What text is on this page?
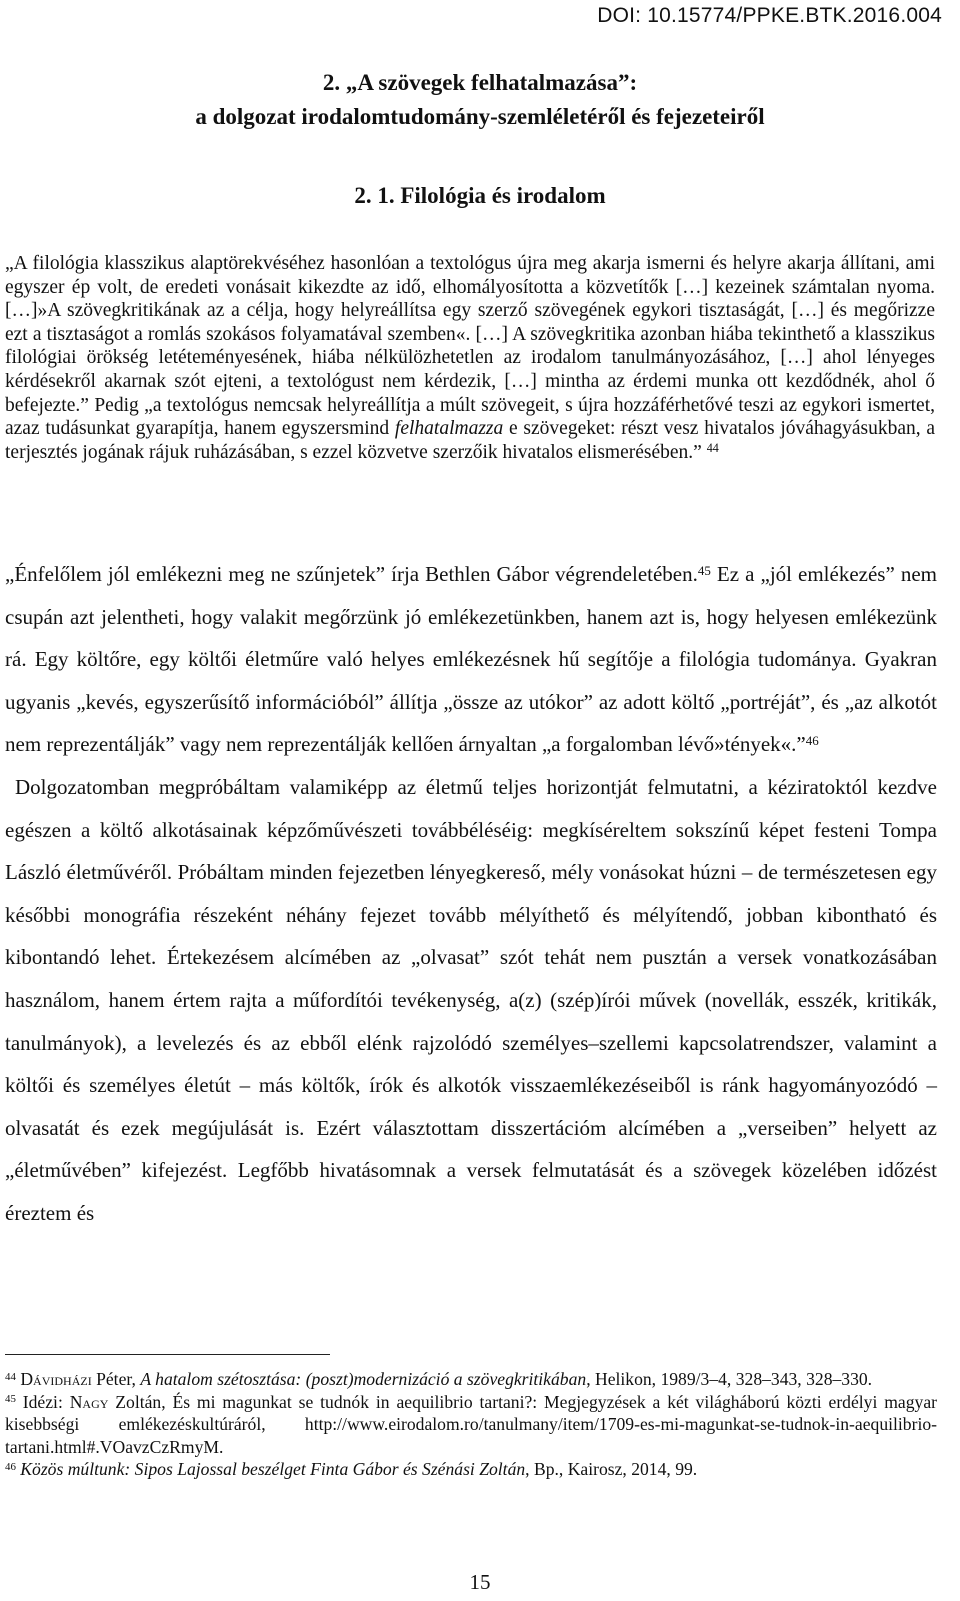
DOI: 10.15774/PPKE.BTK.2016.004
2. „A szövegek felhatalmazása”:
a dolgozat irodalomtudomány-szemléletéről és fejezeteiről
2. 1. Filológia és irodalom
„A filológia klasszikus alaptörekvéséhez hasonlóan a textológus újra meg akarja ismerni és helyre akarja állítani, ami egyszer ép volt, de eredeti vonásait kikezdte az idő, elhomályosította a közvetítők […] kezeinek számtalan nyoma. […]»A szövegkritikának az a célja, hogy helyreállítsa egy szerző szövegének egykori tisztaságát, […] és megőrizze ezt a tisztaságot a romlás szokásos folyamatával szemben«. […] A szövegkritika azonban hiába tekinthető a klasszikus filológiai örökség letéteményesének, hiába nélkülözhetetlen az irodalom tanulmányozásához, […] ahol lényeges kérdésekről akarnak szót ejteni, a textológust nem kérdezik, […] mintha az érdemi munka ott kezdődnék, ahol ő befejezte.” Pedig „a textológus nemcsak helyreállítja a múlt szövegeit, s újra hozzáférhetővé teszi az egykori ismertet, azaz tudásunkat gyarapítja, hanem egyszersmind felhatalmazza e szövegeket: részt vesz hivatalos jóváhagyásukban, a terjesztés jogának rájuk ruházásában, s ezzel közvetve szerzőik hivatalos elismerésében.” $^{44}$

„Énfelőlem jól emlékezni meg ne szűnjetek” írja Bethlen Gábor végrendeletében.$^{45}$ Ez a „jól emlékezés” nem csupán azt jelentheti, hogy valakit megőrzünk jó emlékezetünkben, hanem azt is, hogy helyesen emlékezünk rá. Egy költőre, egy költői életműre való helyes emlékezésnek hű segítője a filológia tudománya. Gyakran ugyanis „kevés, egyszerűsítő információból” állítja „össze az utókor” az adott költő „portréját”, és „az alkotót nem reprezentálják” vagy nem reprezentálják kellően árnyaltan „a forgalomban lévő»tények«.”$^{46}$

Dolgozatomban megpróbáltam valamiképp az életmű teljes horizontját felmutatni, a kéziratoktól kezdve egészen a költő alkotásainak képzőművészeti továbbéléséig: megkíséreltem sokszínű képet festeni Tompa László életművéről. Próbáltam minden fejezetben lényegkereső, mély vonásokat húzni – de természetesen egy későbbi monográfia részeként néhány fejezet tovább mélyíthető és mélyítendő, jobban kibontható és kibontandó lehet. Értekezésem alcímében az „olvasat” szót tehát nem pusztán a versek vonatkozásában használom, hanem értem rajta a műfordítói tevékenység, a(z) (szép)írói művek (novellák, esszék, kritikák, tanulmányok), a levelezés és az ebből elénk rajzolódó személyes–szellemi kapcsolatrendszer, valamint a költői és személyes életút – más költők, írók és alkotók visszaemlékezéseiből is ránk hagyományozódó – olvasatát és ezek megújulását is. Ezért választottam disszertációm alcímében a „verseiben” helyett az „életművében” kifejezést. Legfőbb hivatásomnak a versek felmutatását és a szövegek közelében időzést éreztem és

$^{44}$ Dávidházi Péter, A hatalom szétosztása: (poszt)modernizáció a szövegkritikában, Helikon, 1989/3–4, 328–343, 328–330.

$^{45}$ Idézi: Nagy Zoltán, És mi magunkat se tudnók in aequilibrio tartani?: Megjegyzések a két világháború közti erdélyi magyar kisebbségi emlékezéskultúráról, http://www.eirodalom.ro/tanulmany/item/1709-es-mi-magunkat-se-tudnok-in-aequilibrio-tartani.html#.VOavzCzRmyM.

$^{46}$ Közös múltunk: Sipos Lajossal beszélget Finta Gábor és Szénási Zoltán, Bp., Kairosz, 2014, 99.

15
